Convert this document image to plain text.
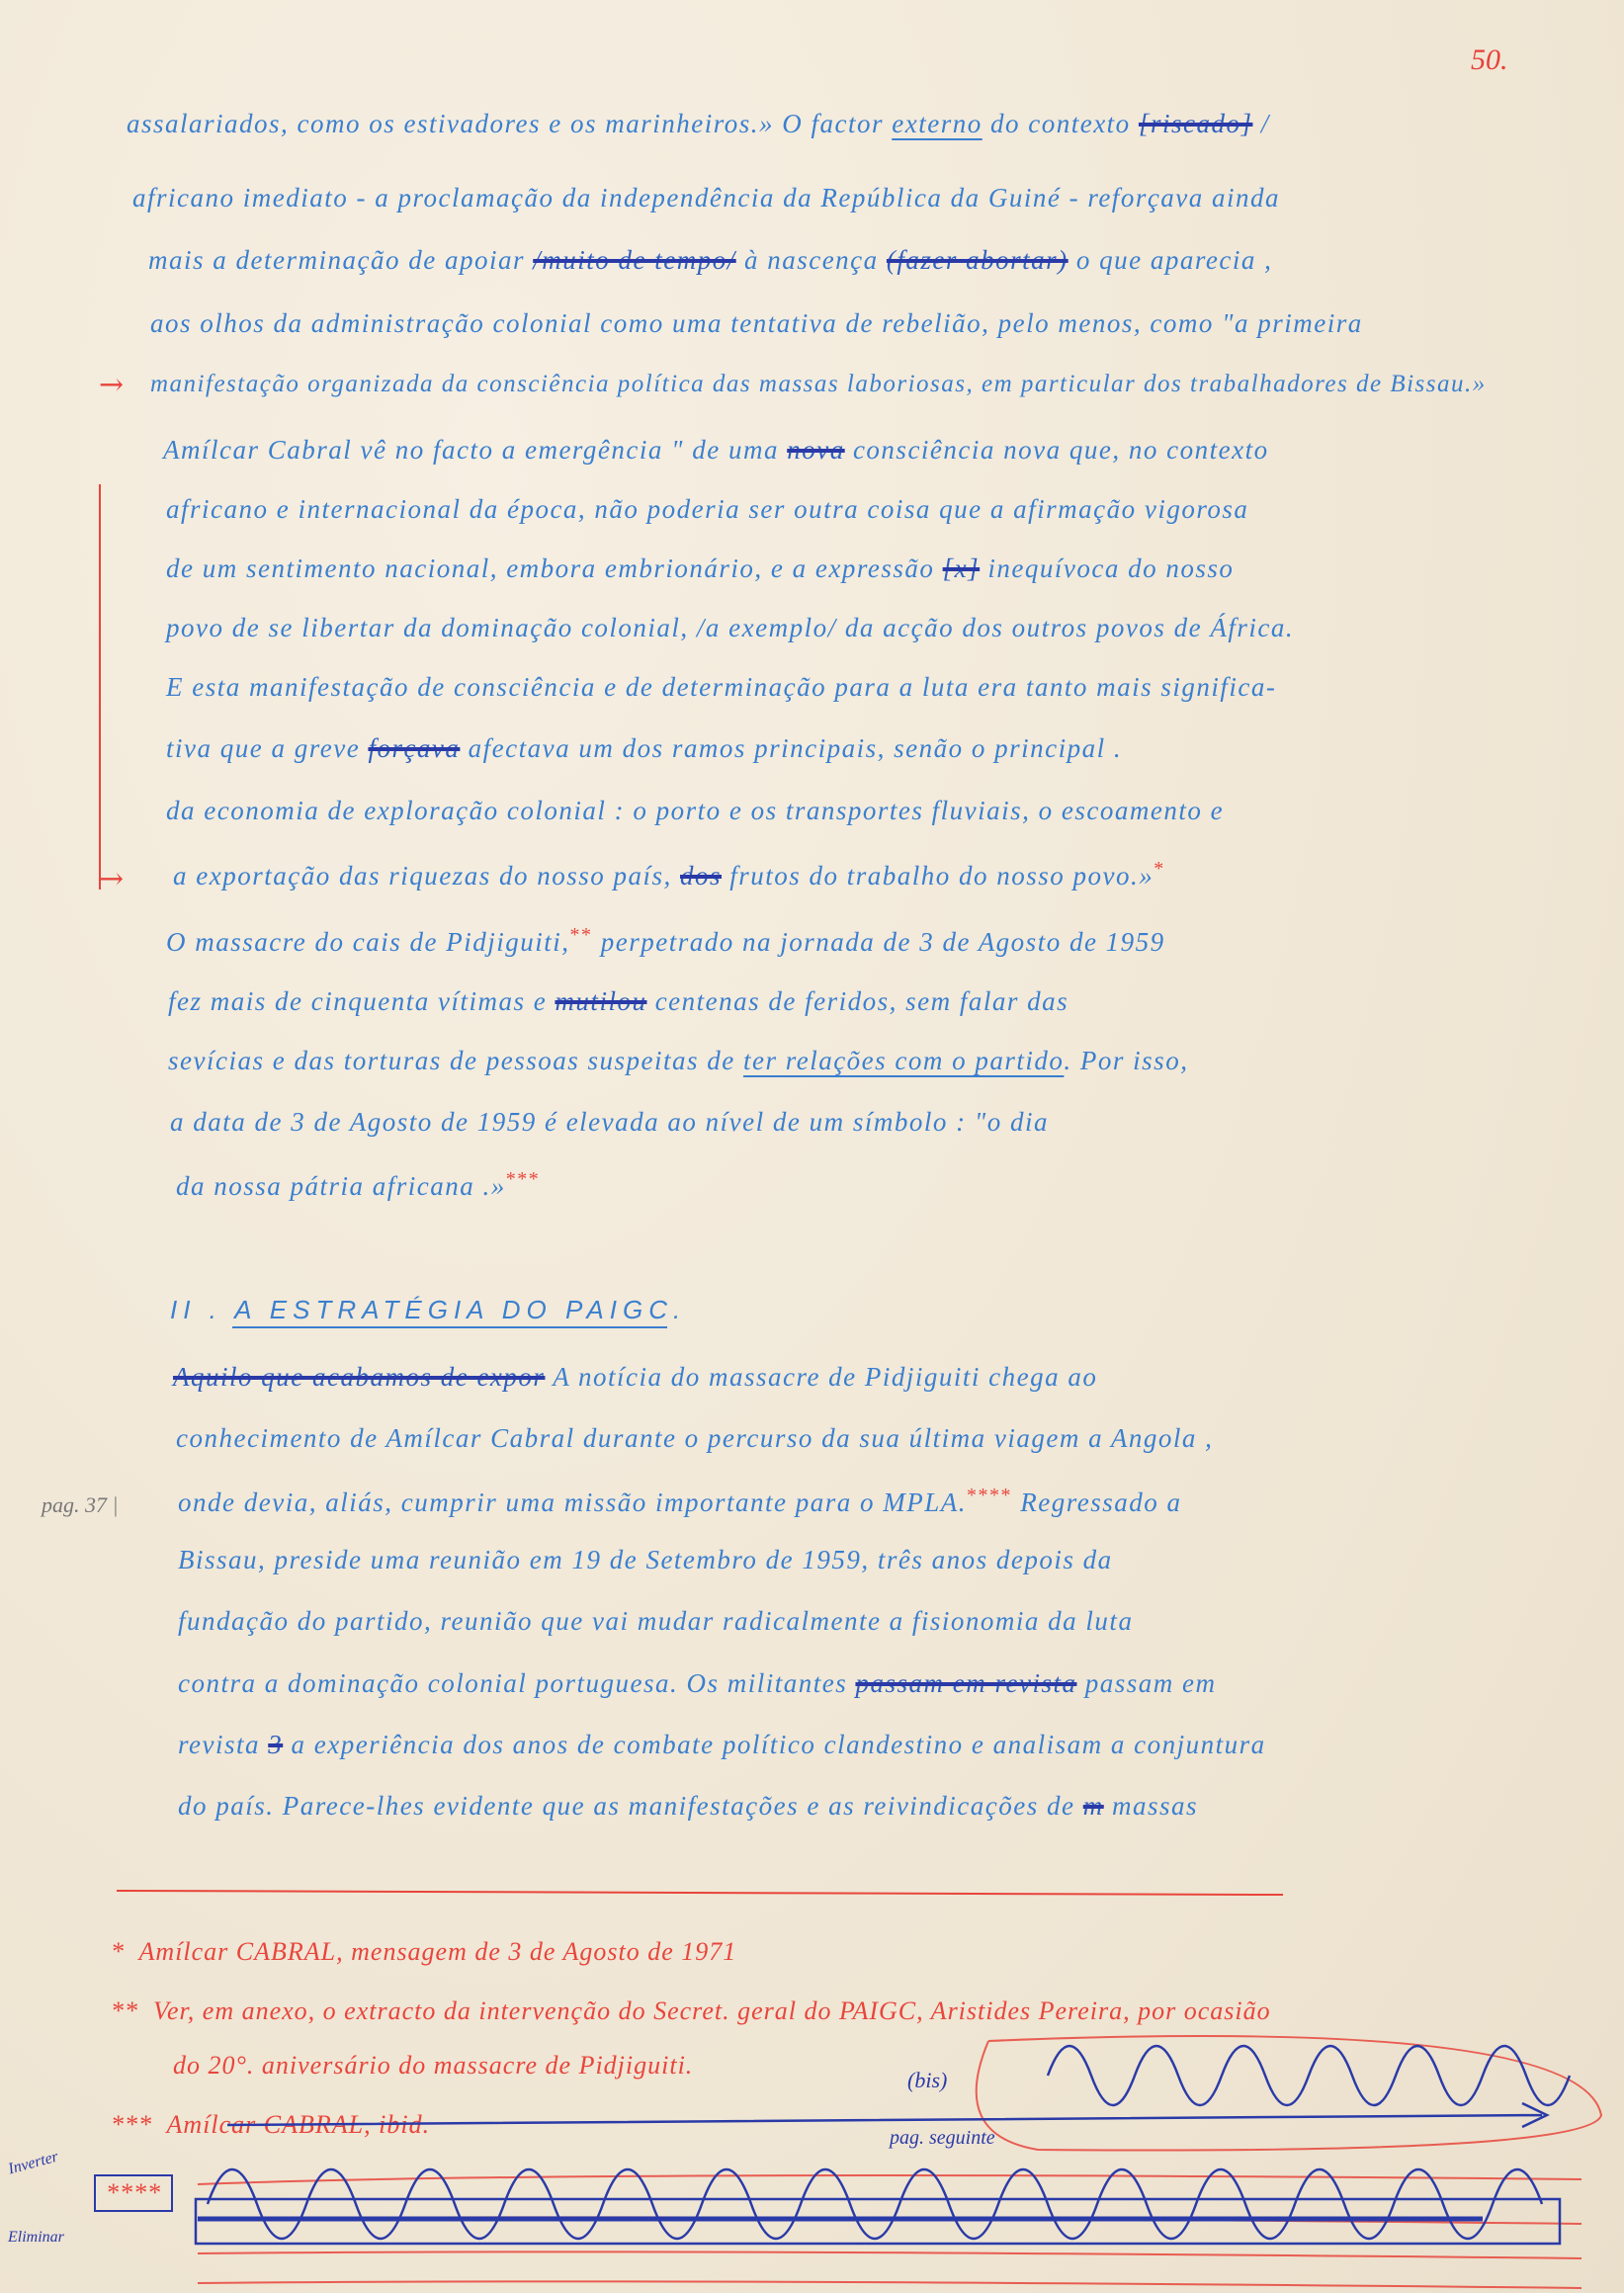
50.
assalariados, como os estivadores e os marinheiros.» O factor externo do contexto [riscado] /
africano imediato - a proclamação da independência da República da Guiné - reforçava ainda
mais a determinação de apoiar /muito de tempo/ à nascença (fazer abortar) o que aparecia ,
aos olhos da administração colonial como uma tentativa de rebelião, pelo menos, como "a primeira
→ manifestação organizada da consciência política das massas laboriosas, em particular dos trabalhadores de Bissau.»
Amílcar Cabral vê no facto a emergência " de uma nova consciência nova que, no contexto
africano e internacional da época, não poderia ser outra coisa que a afirmação vigorosa
de um sentimento nacional, embora embrionário, e a expressão [x] inequívoca do nosso
povo de se libertar da dominação colonial, /a exemplo/ da acção dos outros povos de África.
E esta manifestação de consciência e de determinação para a luta era tanto mais significa-
tiva que a greve forçava afectava um dos ramos principais, senão o principal .
da economia de exploração colonial : o porto e os transportes fluviais, o escoamento e
→ a exportação das riquezas do nosso país, dos frutos do trabalho do nosso povo.»*
O massacre do cais de Pidjiguiti,** perpetrado na jornada de 3 de Agosto de 1959
fez mais de cinquenta vítimas e mutilou centenas de feridos, sem falar das
sevícias e das torturas de pessoas suspeitas de ter relações com o partido. Por isso,
a data de 3 de Agosto de 1959 é elevada ao nível de um símbolo : "o dia
da nossa pátria africana .»***
II . A ESTRATÉGIA DO PAIGC.
pag. 37 |
Aquilo que acabamos de expor A notícia do massacre de Pidjiguiti chega ao
conhecimento de Amílcar Cabral durante o percurso da sua última viagem a Angola ,
onde devia, aliás, cumprir uma missão importante para o MPLA.**** Regressado a
Bissau, preside uma reunião em 19 de Setembro de 1959, três anos depois da
fundação do partido, reunião que vai mudar radicalmente a fisionomia da luta
contra a dominação colonial portuguesa. Os militantes passam em revista passam em
revista 3 a experiência dos anos de combate político clandestino e analisam a conjuntura
do país. Parece-lhes evidente que as manifestações e as reivindicações de m massas
* Amílcar CABRAL, mensagem de 3 de Agosto de 1971
** Ver, em anexo, o extracto da intervenção do Secret. geral do PAIGC, Aristides Pereira, por ocasião
do 20°. aniversário do massacre de Pidjiguiti.
*** Amílcar CABRAL, ibid.
****
(bis)
pag. seguinte
Inverter
Eliminar
